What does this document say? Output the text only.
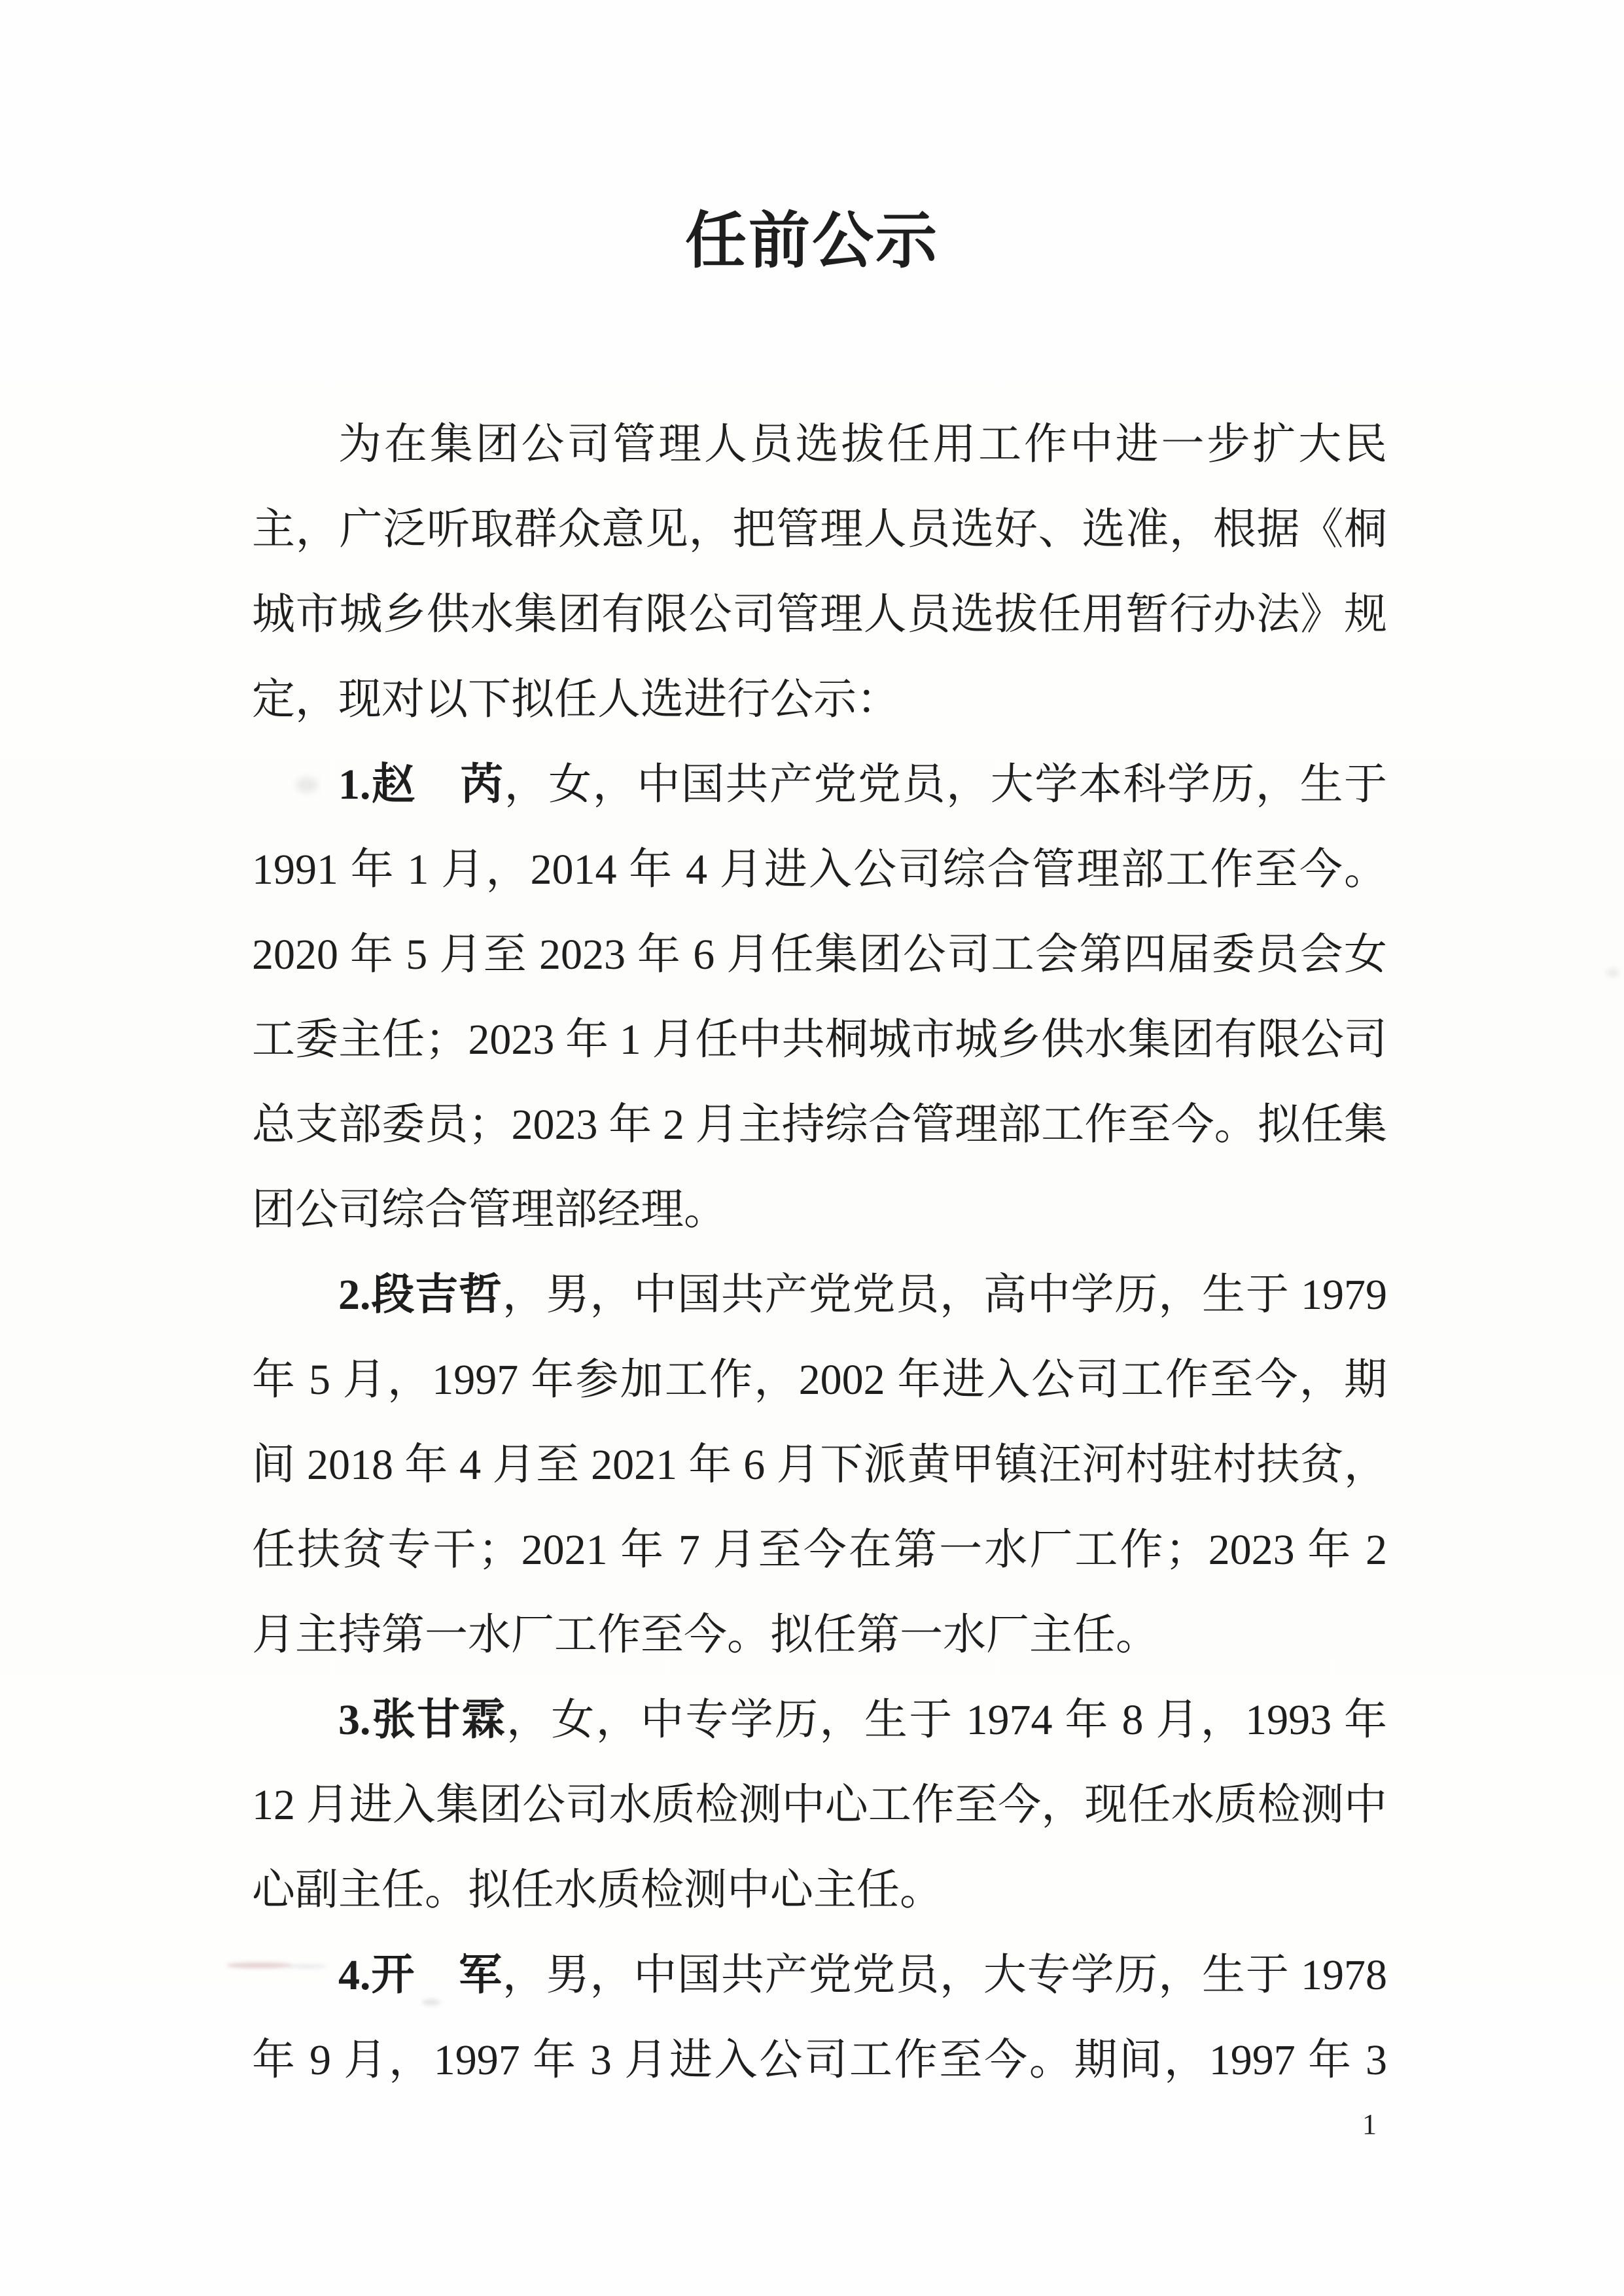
任前公示
为在集团公司管理人员选拔任用工作中进一步扩大民
主，广泛听取群众意见，把管理人员选好、选准，根据《桐
城市城乡供水集团有限公司管理人员选拔任用暂行办法》规
定，现对以下拟任人选进行公示：
1.赵　芮，女，中国共产党党员，大学本科学历，生于
1991 年 1 月，2014 年 4 月进入公司综合管理部工作至今。
2020 年 5 月至 2023 年 6 月任集团公司工会第四届委员会女
工委主任；2023 年 1 月任中共桐城市城乡供水集团有限公司
总支部委员；2023 年 2 月主持综合管理部工作至今。拟任集
团公司综合管理部经理。
2.段吉哲，男，中国共产党党员，高中学历，生于 1979
年 5 月，1997 年参加工作，2002 年进入公司工作至今，期
间 2018 年 4 月至 2021 年 6 月下派黄甲镇汪河村驻村扶贫，
任扶贫专干；2021 年 7 月至今在第一水厂工作；2023 年 2
月主持第一水厂工作至今。拟任第一水厂主任。
3.张甘霖，女，中专学历，生于 1974 年 8 月，1993 年
12 月进入集团公司水质检测中心工作至今，现任水质检测中
心副主任。拟任水质检测中心主任。
4.开　军，男，中国共产党党员，大专学历，生于 1978
年 9 月，1997 年 3 月进入公司工作至今。期间，1997 年 3
1
